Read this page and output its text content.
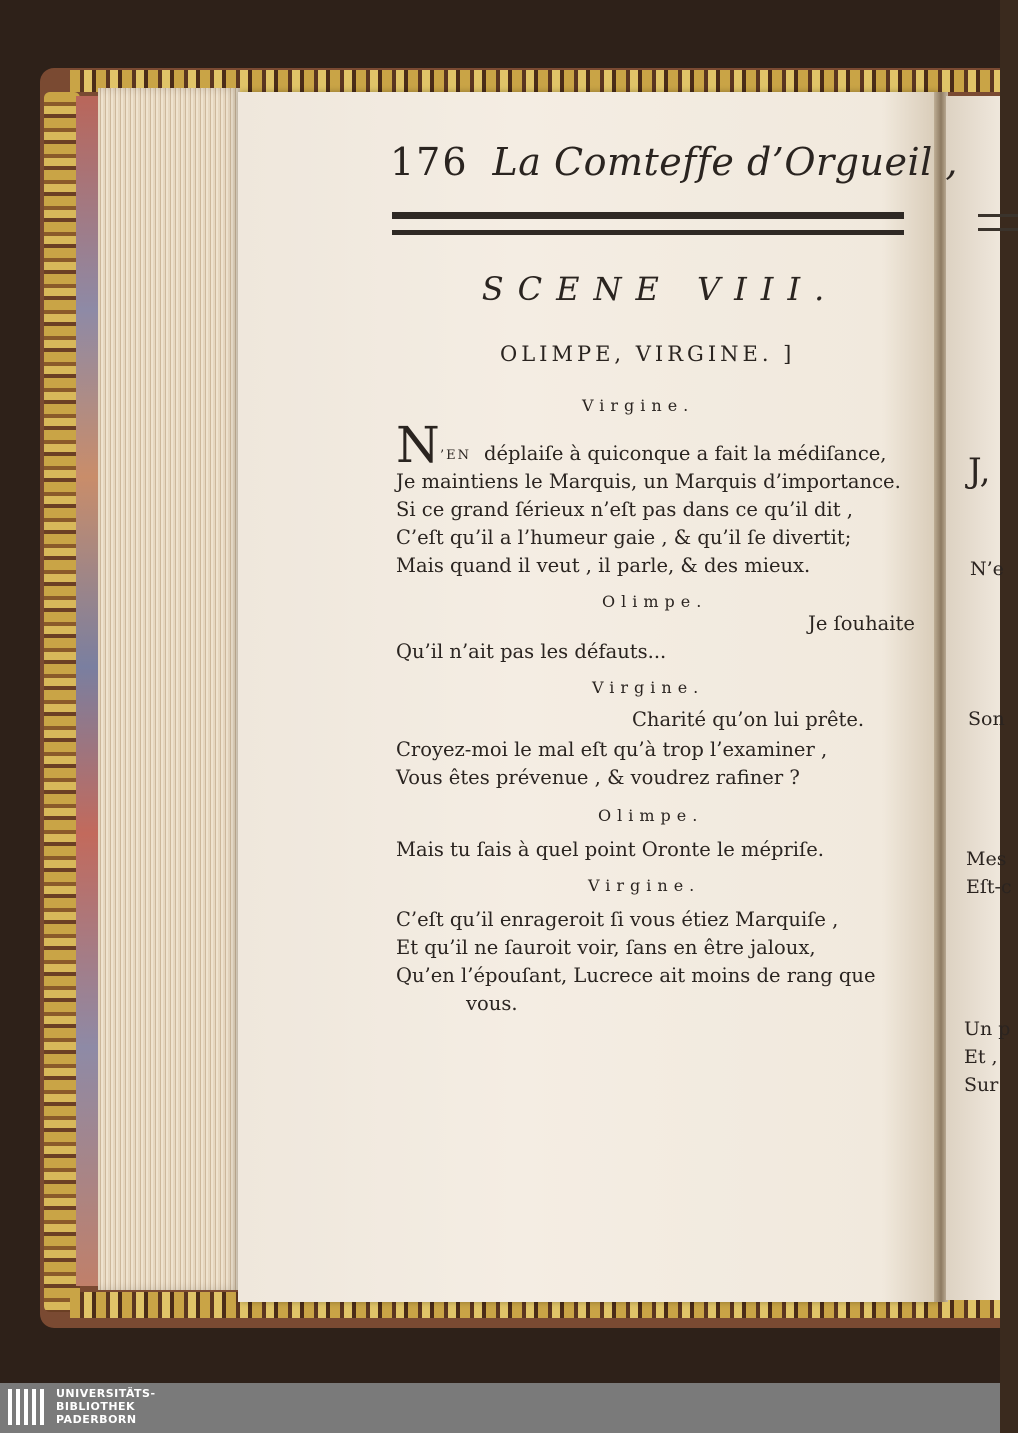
J,
N’e
Son
Mes
Eſt-c
Un p
Et ,
Sur
176 La Comteffe d’Orgueil ,
SCENE VIII.
OLIMPE, VIRGINE. ]
Virgine.
N ’EN déplaiſe à quiconque a fait la médiſance,
Je maintiens le Marquis, un Marquis d’importance.
Si ce grand ſérieux n’eſt pas dans ce qu’il dit ,
C’eſt qu’il a l’humeur gaie , & qu’il ſe divertit;
Mais quand il veut , il parle, & des mieux.
Olimpe.
Je ſouhaite
Qu’il n’ait pas les défauts...
Virgine.
Charité qu’on lui prête.
Croyez-moi le mal eſt qu’à trop l’examiner ,
Vous êtes prévenue , & voudrez rafiner ?
Olimpe.
Mais tu ſais à quel point Oronte le mépriſe.
Virgine.
C’eſt qu’il enrageroit ſi vous étiez Marquiſe ,
Et qu’il ne ſauroit voir, ſans en être jaloux,
Qu’en l’épouſant, Lucrece ait moins de rang que
vous.
UNIVERSITÄTS-
BIBLIOTHEK
PADERBORN
